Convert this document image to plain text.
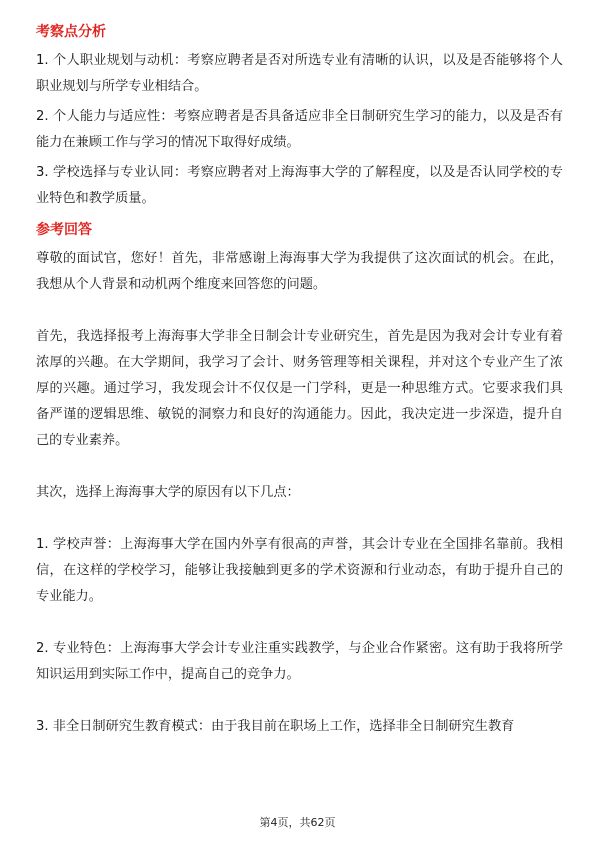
考察点分析

1. 个人职业规划与动机：考察应聘者是否对所选专业有清晰的认识，以及是否能够将个人职业规划与所学专业相结合。

2. 个人能力与适应性：考察应聘者是否具备适应非全日制研究生学习的能力，以及是否有能力在兼顾工作与学习的情况下取得好成绩。

3. 学校选择与专业认同：考察应聘者对上海海事大学的了解程度，以及是否认同学校的专业特色和教学质量。

参考回答

尊敬的面试官，您好！首先，非常感谢上海海事大学为我提供了这次面试的机会。在此，我想从个人背景和动机两个维度来回答您的问题。

首先，我选择报考上海海事大学非全日制会计专业研究生，首先是因为我对会计专业有着浓厚的兴趣。在大学期间，我学习了会计、财务管理等相关课程，并对这个专业产生了浓厚的兴趣。通过学习，我发现会计不仅仅是一门学科，更是一种思维方式。它要求我们具备严谨的逻辑思维、敏锐的洞察力和良好的沟通能力。因此，我决定进一步深造，提升自己的专业素养。

其次，选择上海海事大学的原因有以下几点：

1. 学校声誉：上海海事大学在国内外享有很高的声誉，其会计专业在全国排名靠前。我相信，在这样的学校学习，能够让我接触到更多的学术资源和行业动态，有助于提升自己的专业能力。

2. 专业特色：上海海事大学会计专业注重实践教学，与企业合作紧密。这有助于我将所学知识运用到实际工作中，提高自己的竞争力。

3. 非全日制研究生教育模式：由于我目前在职场上工作，选择非全日制研究生教育

第4页，共62页
